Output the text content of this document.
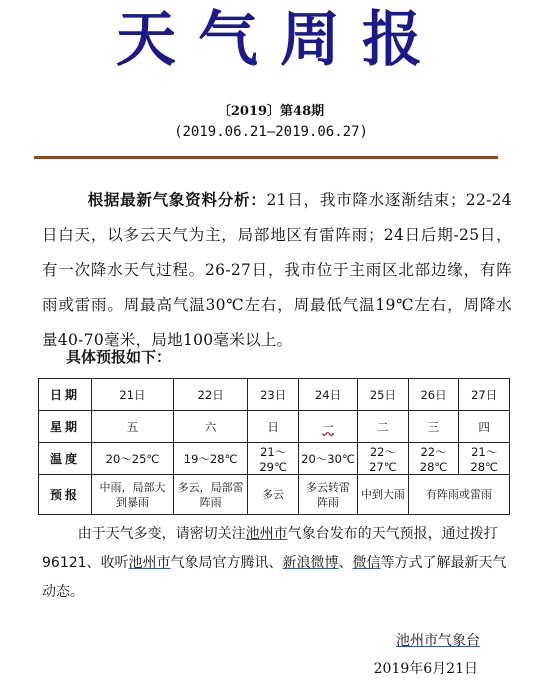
天气周报
〔2019〕第48期
(2019.06.21—2019.06.27)
根据最新气象资料分析：21日，我市降水逐渐结束；22-24日白天，以多云天气为主，局部地区有雷阵雨；24日后期-25日，有一次降水天气过程。26-27日，我市位于主雨区北部边缘，有阵雨或雷雨。周最高气温30℃左右，周最低气温19℃左右，周降水量40-70毫米，局地100毫米以上。
具体预报如下：
日期	21日	22日	23日	24日	25日	26日	27日
星期	五	六	日	一	二	三	四
温度	20～25℃	19～28℃	21～29℃	20～30℃	22～27℃	22～28℃	21～28℃
预报	中雨，局部大到暴雨	多云，局部雷阵雨	多云	多云转雷阵雨	中到大雨	有阵雨或雷雨	
由于天气多变，请密切关注池州市气象台发布的天气预报，通过拨打96121、收听池州市气象局官方腾讯、新浪微博、微信等方式了解最新天气动态。
池州市气象台
2019年6月21日
